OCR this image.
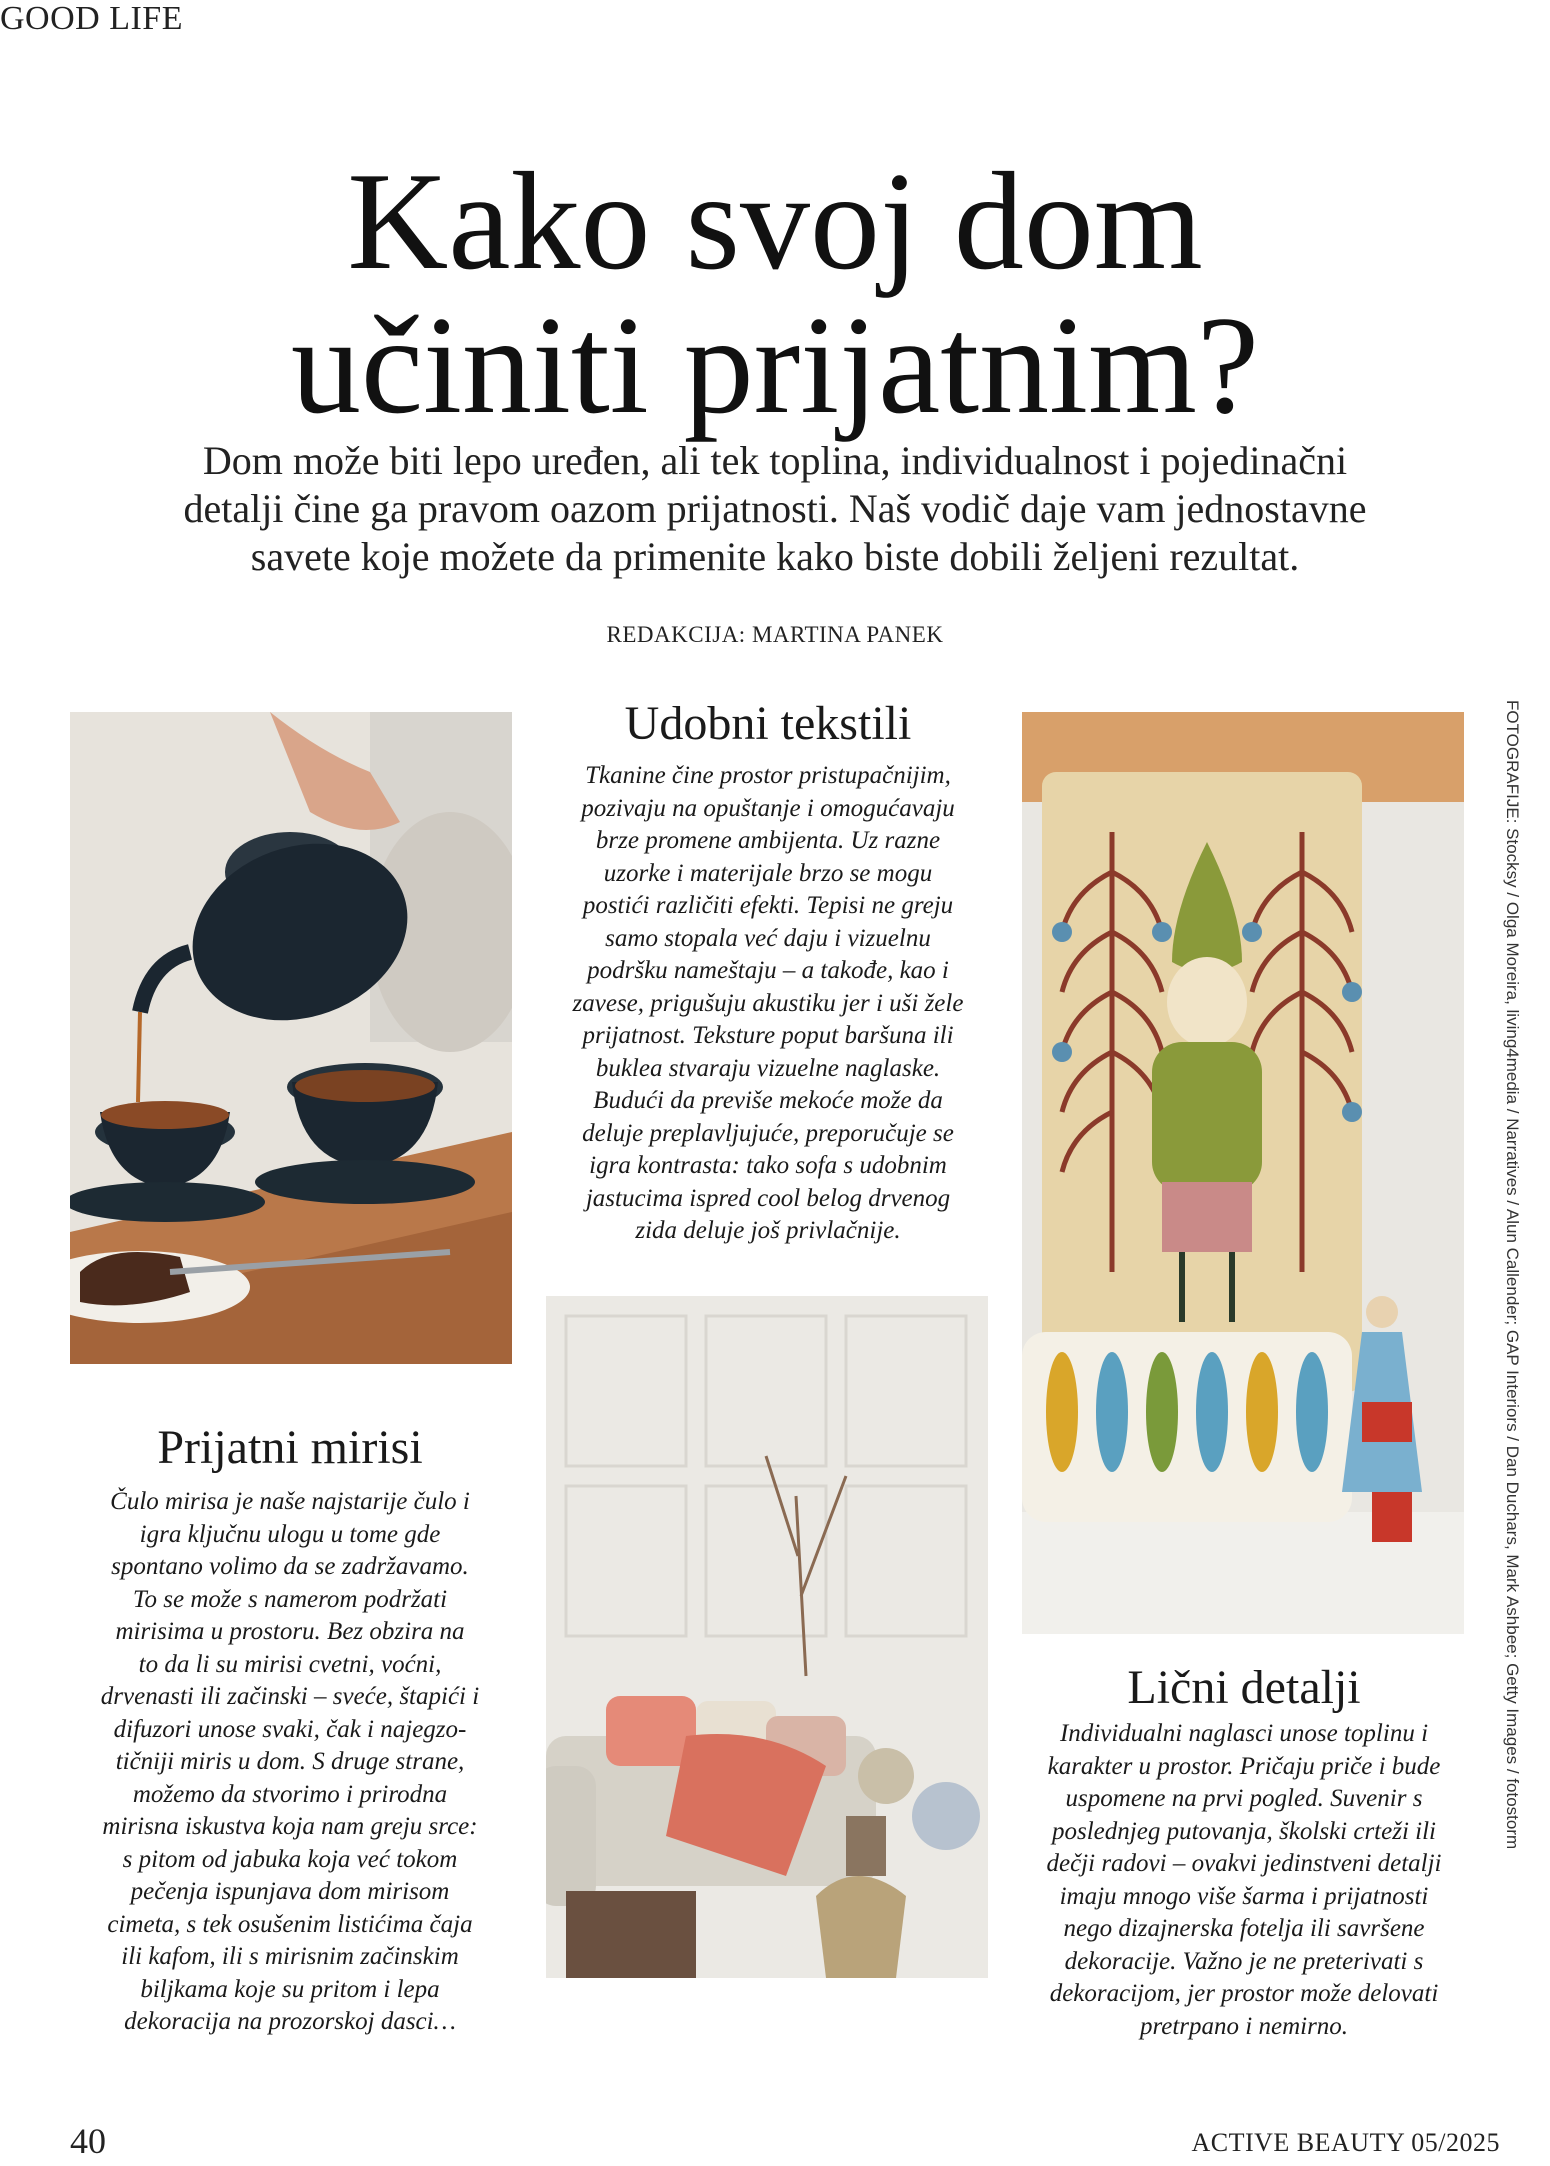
GOOD LIFE
Kako svoj dom
učiniti prijatnim?

Dom može biti lepo uređen, ali tek toplina, individualnost i pojedinačni
detalji čine ga pravom oazom prijatnosti. Naš vodič daje vam jednostavne
savete koje možete da primenite kako biste dobili željeni rezultat.

REDAKCIJA: MARTINA PANEK
Udobni tekstili

Tkanine čine prostor pristupačnijim,
pozivaju na opuštanje i omogućavaju
brze promene ambijenta. Uz razne
uzorke i materijale brzo se mogu
postići različiti efekti. Tepisi ne greju
samo stopala već daju i vizuelnu
podršku nameštaju – a takođe, kao i
zavese, prigušuju akustiku jer i uši žele
prijatnost. Teksture poput baršuna ili
buklea stvaraju vizuelne naglaske.
Budući da previše mekoće može da
deluje preplavljujuće, preporučuje se
igra kontrasta: tako sofa s udobnim
jastucima ispred cool belog drvenog
zida deluje još privlačnije.

Prijatni mirisi

Čulo mirisa je naše najstarije čulo i
igra ključnu ulogu u tome gde
spontano volimo da se zadržavamo.
To se može s namerom podržati
mirisima u prostoru. Bez obzira na
to da li su mirisi cvetni, voćni,
drvenasti ili začinski – sveće, štapići i
difuzori unose svaki, čak i najegzo-
tičniji miris u dom. S druge strane,
možemo da stvorimo i prirodna
mirisna iskustva koja nam greju srce:
s pitom od jabuka koja već tokom
pečenja ispunjava dom mirisom
cimeta, s tek osušenim listićima čaja
ili kafom, ili s mirisnim začinskim
biljkama koje su pritom i lepa
dekoracija na prozorskoj dasci…

Lični detalji

Individualni naglasci unose toplinu i
karakter u prostor. Pričaju priče i bude
uspomene na prvi pogled. Suvenir s
poslednjeg putovanja, školski crteži ili
dečji radovi – ovakvi jedinstveni detalji
imaju mnogo više šarma i prijatnosti
nego dizajnerska fotelja ili savršene
dekoracije. Važno je ne preterivati s
dekoracijom, jer prostor može delovati
pretrpano i nemirno.

FOTOGRAFIJE: Stocksy / Olga Moreira, living4media / Narratives / Alun Callender; GAP Interiors / Dan Duchars, Mark Ashbee; Getty Images / fotostorm
40	ACTIVE BEAUTY 05/2025
